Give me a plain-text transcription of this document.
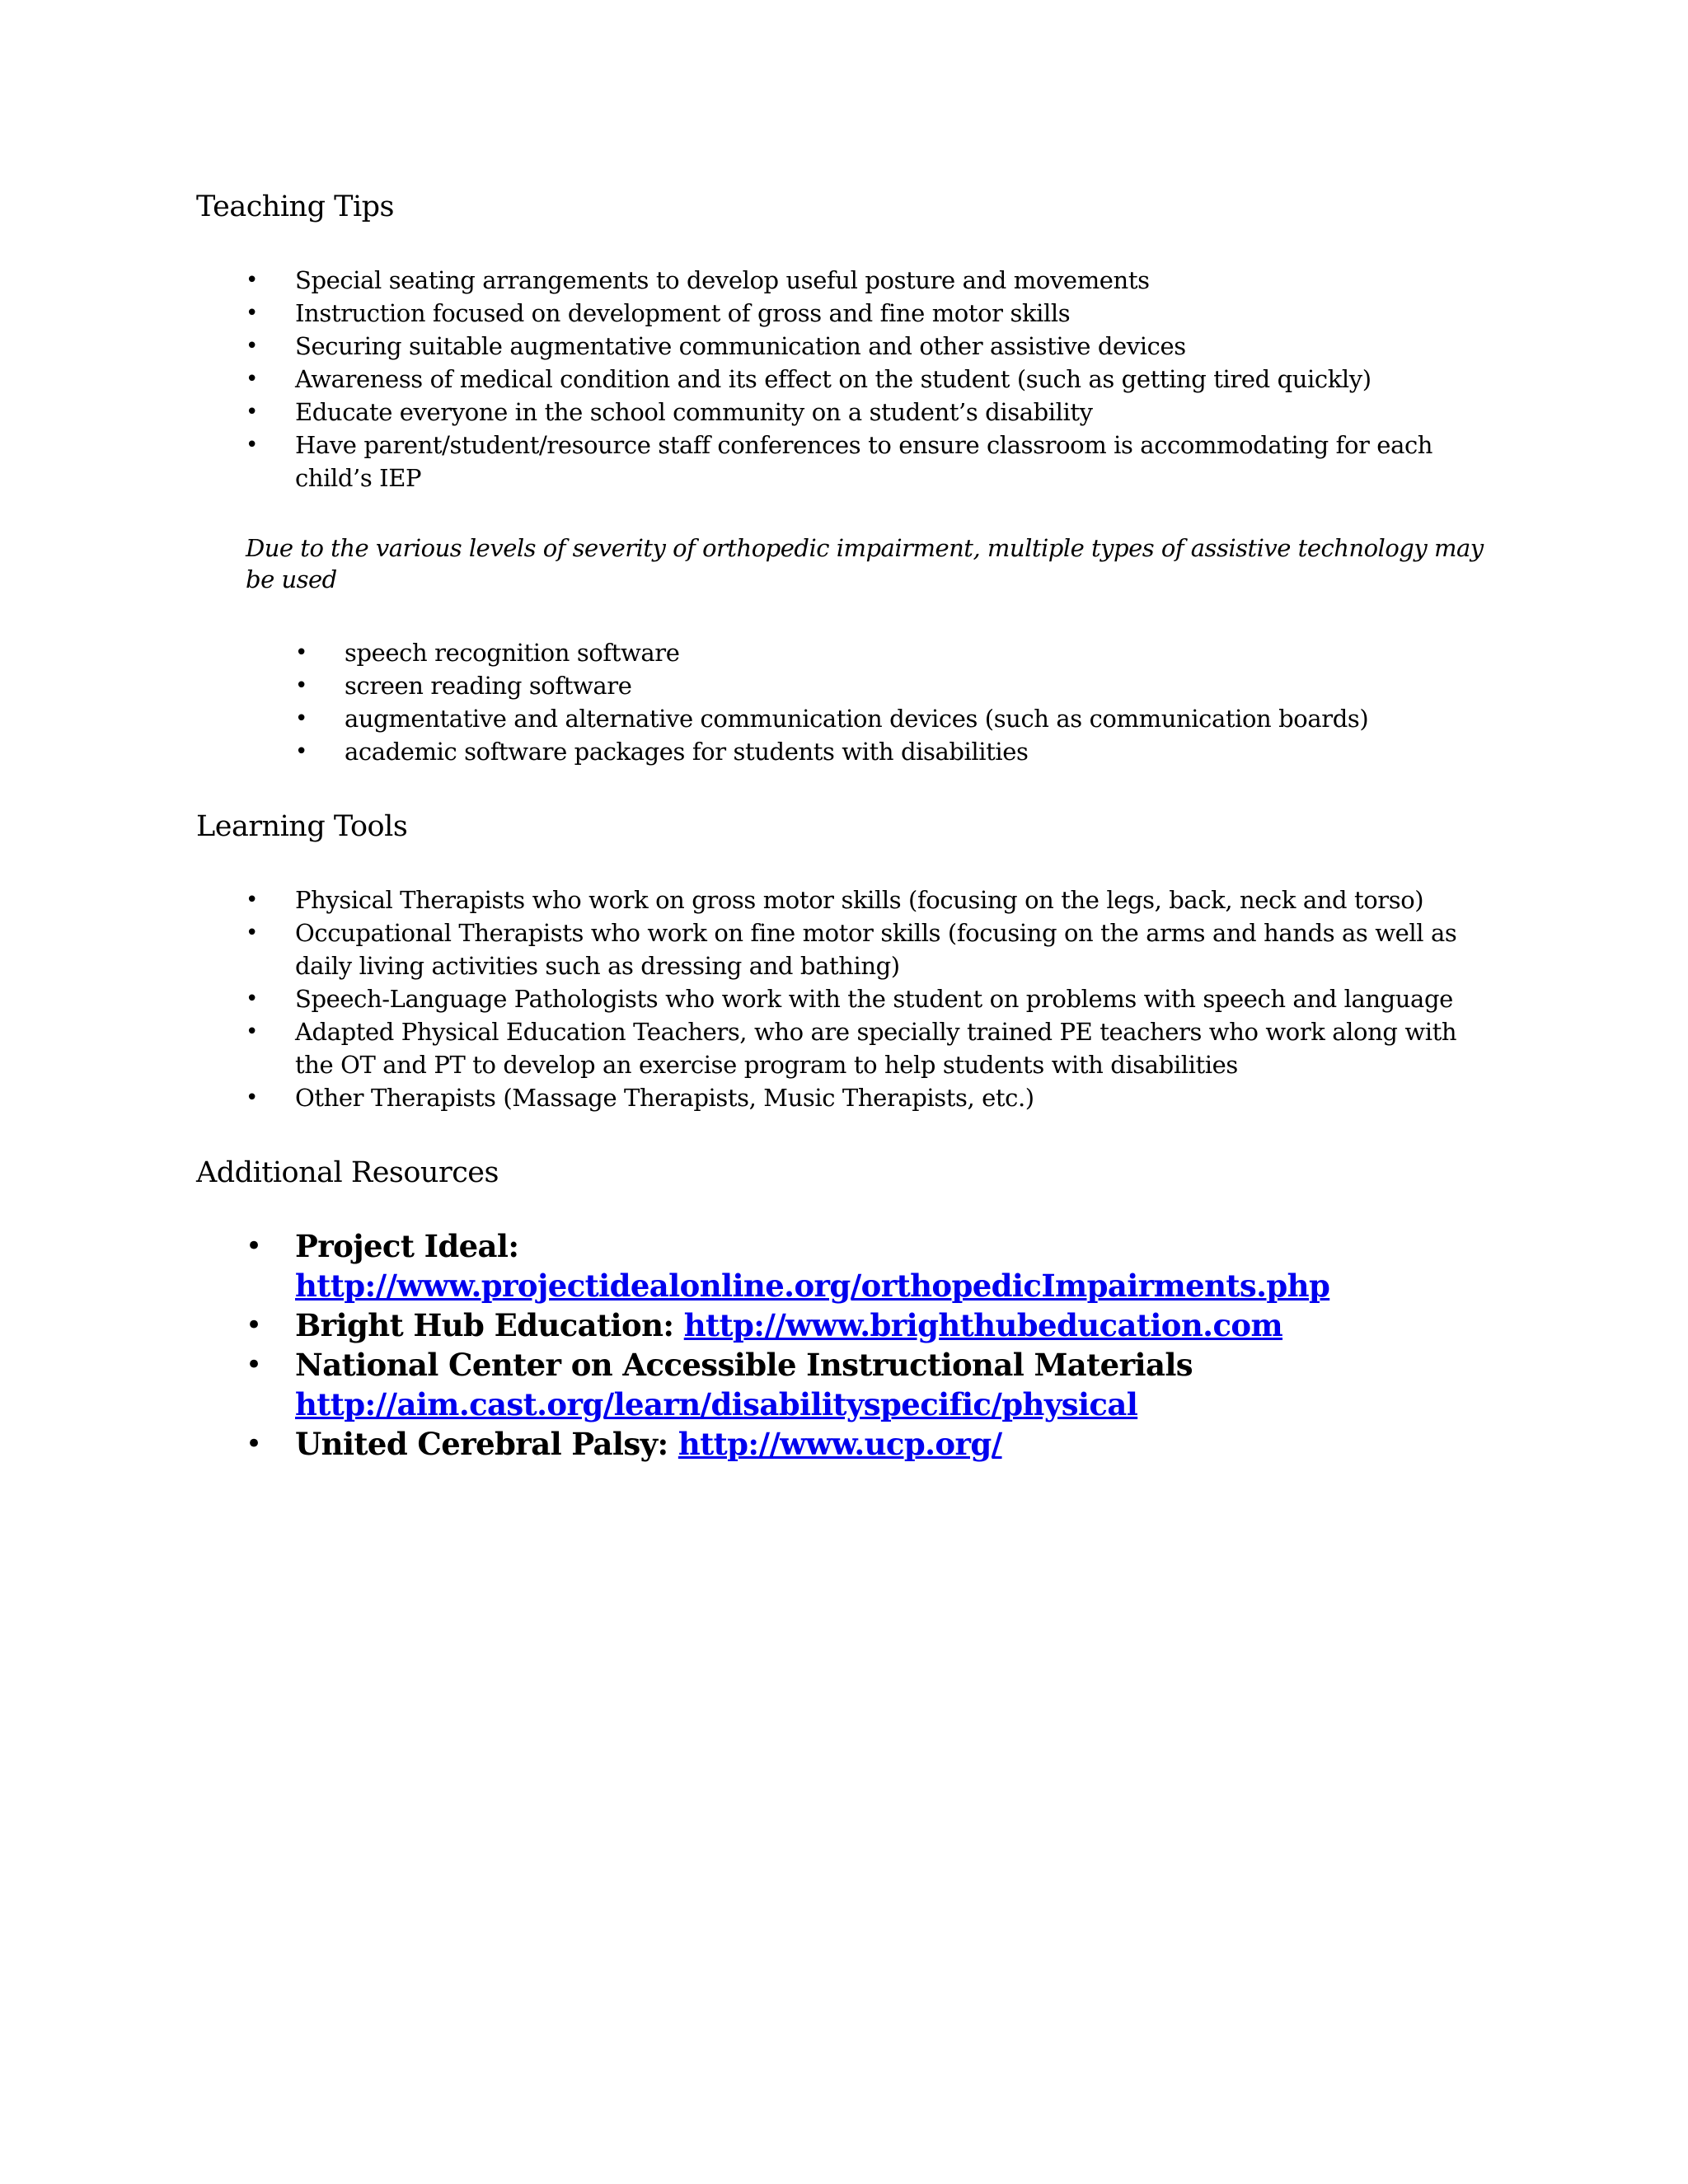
Teaching Tips
• Special seating arrangements to develop useful posture and movements
• Instruction focused on development of gross and fine motor skills
• Securing suitable augmentative communication and other assistive devices
• Awareness of medical condition and its effect on the student (such as getting tired quickly)
• Educate everyone in the school community on a student’s disability
• Have parent/student/resource staff conferences to ensure classroom is accommodating for each child’s IEP

Due to the various levels of severity of orthopedic impairment, multiple types of assistive technology may be used

• speech recognition software
• screen reading software
• augmentative and alternative communication devices (such as communication boards)
• academic software packages for students with disabilities
Learning Tools
• Physical Therapists who work on gross motor skills (focusing on the legs, back, neck and torso)
• Occupational Therapists who work on fine motor skills (focusing on the arms and hands as well as daily living activities such as dressing and bathing)
• Speech-Language Pathologists who work with the student on problems with speech and language
• Adapted Physical Education Teachers, who are specially trained PE teachers who work along with the OT and PT to develop an exercise program to help students with disabilities
• Other Therapists (Massage Therapists, Music Therapists, etc.)
Additional Resources
• Project Ideal: http://www.projectidealonline.org/orthopedicImpairments.php
• Bright Hub Education: http://www.brighthubeducation.com
• National Center on Accessible Instructional Materials
http://aim.cast.org/learn/disabilityspecific/physical
• United Cerebral Palsy: http://www.ucp.org/
